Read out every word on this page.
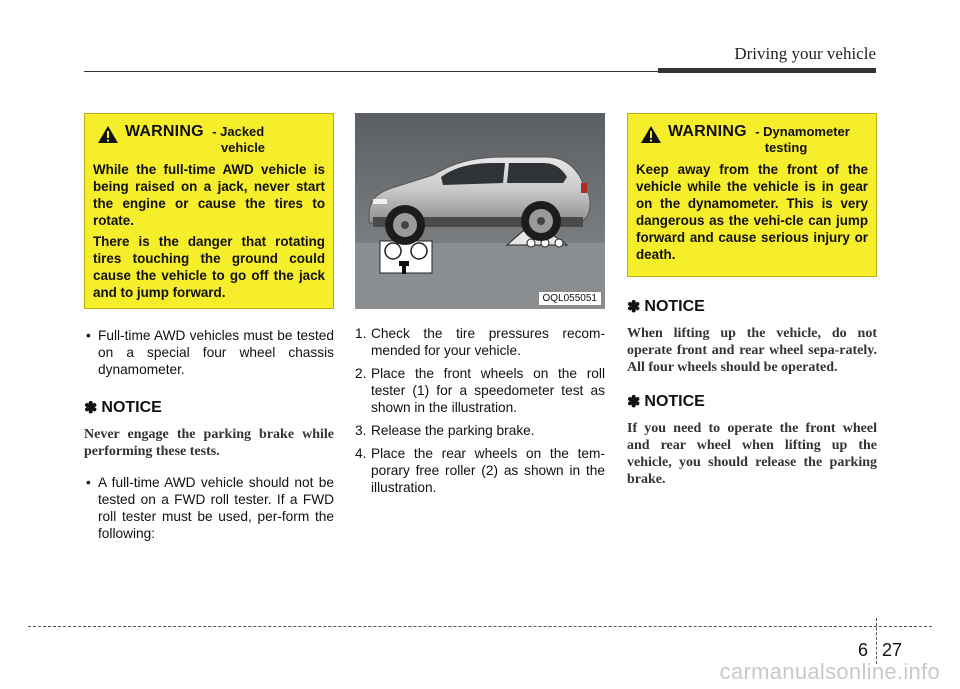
Driving your vehicle
WARNING - Jacked
vehicle

While the full-time AWD vehicle is being raised on a jack, never start the engine or cause the tires to rotate.

There is the danger that rotating tires touching the ground could cause the vehicle to go off the jack and to jump forward.

• Full-time AWD vehicles must be tested on a special four wheel chassis dynamometer.

✽ NOTICE

Never engage the parking brake while performing these tests.

• A full-time AWD vehicle should not be tested on a FWD roll tester. If a FWD roll tester must be used, per-form the following:

OQL055051
1. Check the tire pressures recom-mended for your vehicle.
2. Place the front wheels on the roll tester (1) for a speedometer test as shown in the illustration.
3. Release the parking brake.
4. Place the rear wheels on the tem-porary free roller (2) as shown in the illustration.
WARNING - Dynamometer
testing

Keep away from the front of the vehicle while the vehicle is in gear on the dynamometer. This is very dangerous as the vehi-cle can jump forward and cause serious injury or death.

✽ NOTICE

When lifting up the vehicle, do not operate front and rear wheel sepa-rately. All four wheels should be operated.

✽ NOTICE

If you need to operate the front wheel and rear wheel when lifting up the vehicle, you should release the parking brake.

6 27
carmanualsonline.info
